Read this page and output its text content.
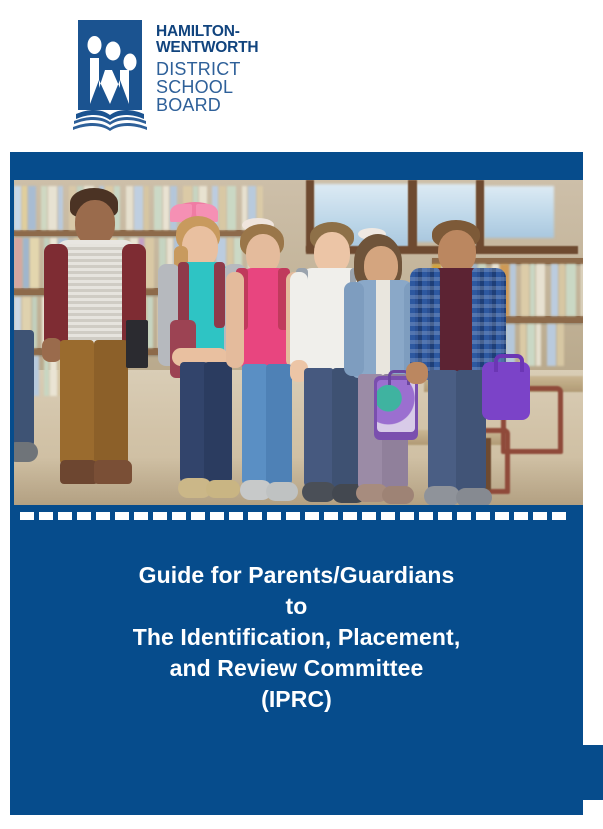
HAMILTON-
WENTWORTH
DISTRICT
SCHOOL
BOARD

Guide for Parents/Guardians
to
The Identification, Placement,
and Review Committee
(IPRC)
